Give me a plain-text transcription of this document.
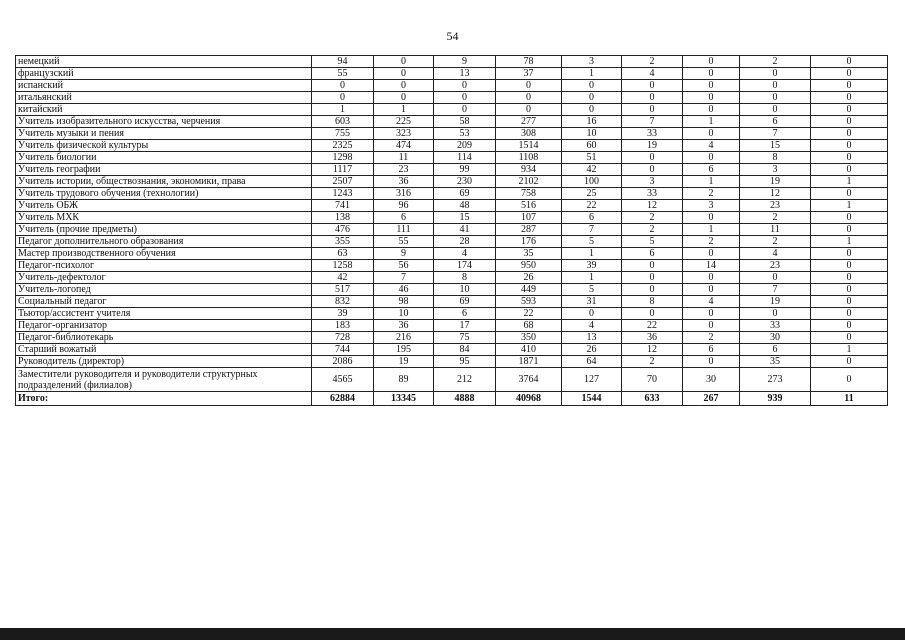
54
немецкий	94	0	9	78	3	2	0	2	0
французский	55	0	13	37	1	4	0	0	0
испанский	0	0	0	0	0	0	0	0	0
итальянский	0	0	0	0	0	0	0	0	0
китайский	1	1	0	0	0	0	0	0	0
Учитель изобразительного искусства, черчения	603	225	58	277	16	7	1	6	0
Учитель музыки и пения	755	323	53	308	10	33	0	7	0
Учитель физической культуры	2325	474	209	1514	60	19	4	15	0
Учитель биологии	1298	11	114	1108	51	0	0	8	0
Учитель географии	1117	23	99	934	42	0	6	3	0
Учитель истории, обществознания, экономики, права	2507	36	230	2102	100	3	1	19	1
Учитель трудового обучения (технологии)	1243	316	69	758	25	33	2	12	0
Учитель ОБЖ	741	96	48	516	22	12	3	23	1
Учитель МХК	138	6	15	107	6	2	0	2	0
Учитель (прочие предметы)	476	111	41	287	7	2	1	11	0
Педагог дополнительного образования	355	55	28	176	5	5	2	2	1
Мастер производственного обучения	63	9	4	35	1	6	0	4	0
Педагог-психолог	1258	56	174	950	39	0	14	23	0
Учитель-дефектолог	42	7	8	26	1	0	0	0	0
Учитель-логопед	517	46	10	449	5	0	0	7	0
Социальный педагог	832	98	69	593	31	8	4	19	0
Тьютор/ассистент учителя	39	10	6	22	0	0	0	0	0
Педагог-организатор	183	36	17	68	4	22	0	33	0
Педагог-библиотекарь	728	216	75	350	13	36	2	30	0
Старший вожатый	744	195	84	410	26	12	6	6	1
Руководитель (директор)	2086	19	95	1871	64	2	0	35	0
Заместители руководителя и руководители структурных подразделений (филиалов)	4565	89	212	3764	127	70	30	273	0
Итого:	62884	13345	4888	40968	1544	633	267	939	11
